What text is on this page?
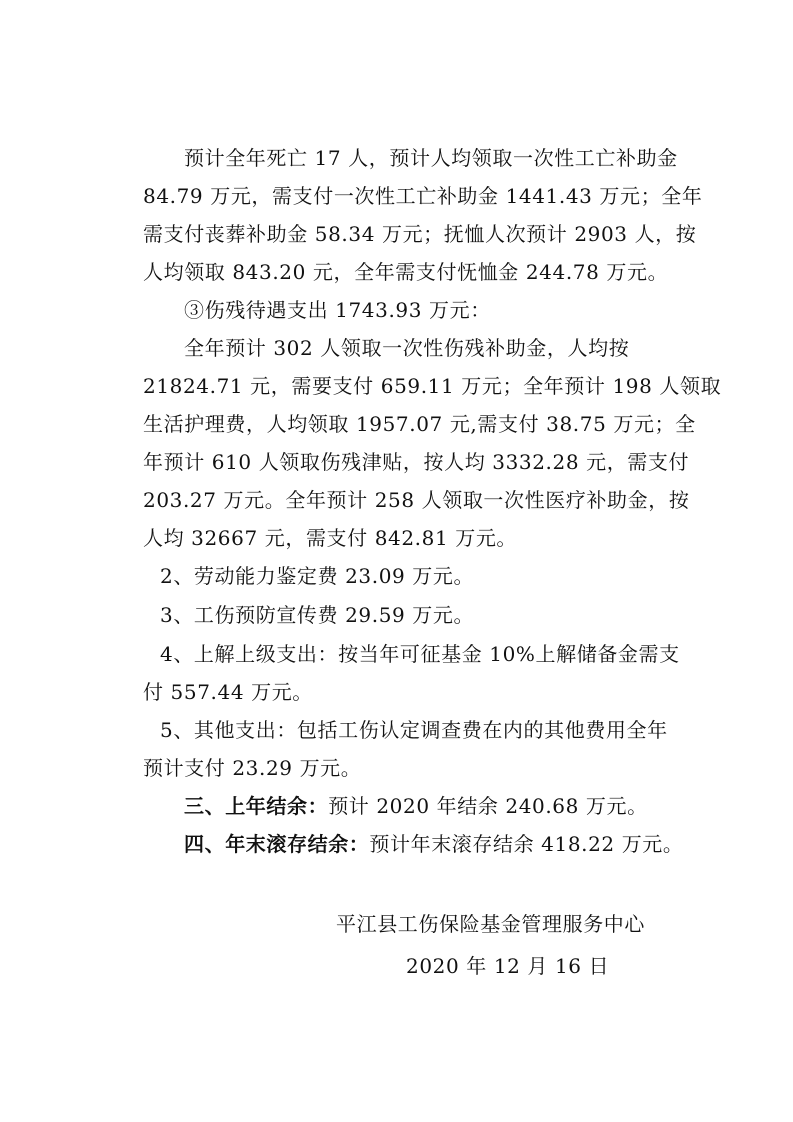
预计全年死亡 17 人，预计人均领取一次性工亡补助金
84.79 万元，需支付一次性工亡补助金 1441.43 万元；全年
需支付丧葬补助金 58.34 万元；抚恤人次预计 2903 人，按
人均领取 843.20 元，全年需支付怃恤金 244.78 万元。
③伤残待遇支出 1743.93 万元：
全年预计 302 人领取一次性伤残补助金，人均按
21824.71 元，需要支付 659.11 万元；全年预计 198 人领取
生活护理费，人均领取 1957.07 元,需支付 38.75 万元；全
年预计 610 人领取伤残津贴，按人均 3332.28 元，需支付
203.27 万元。全年预计 258 人领取一次性医疗补助金，按
人均 32667 元，需支付 842.81 万元。
2、劳动能力鉴定费 23.09 万元。
3、工伤预防宣传费 29.59 万元。
4、上解上级支出：按当年可征基金 10%上解储备金需支
付 557.44 万元。
5、其他支出：包括工伤认定调查费在内的其他费用全年
预计支付 23.29 万元。
三、上年结余：预计 2020 年结余 240.68 万元。
四、年末滚存结余：预计年末滚存结余 418.22 万元。
平江县工伤保险基金管理服务中心
2020 年 12 月 16 日
